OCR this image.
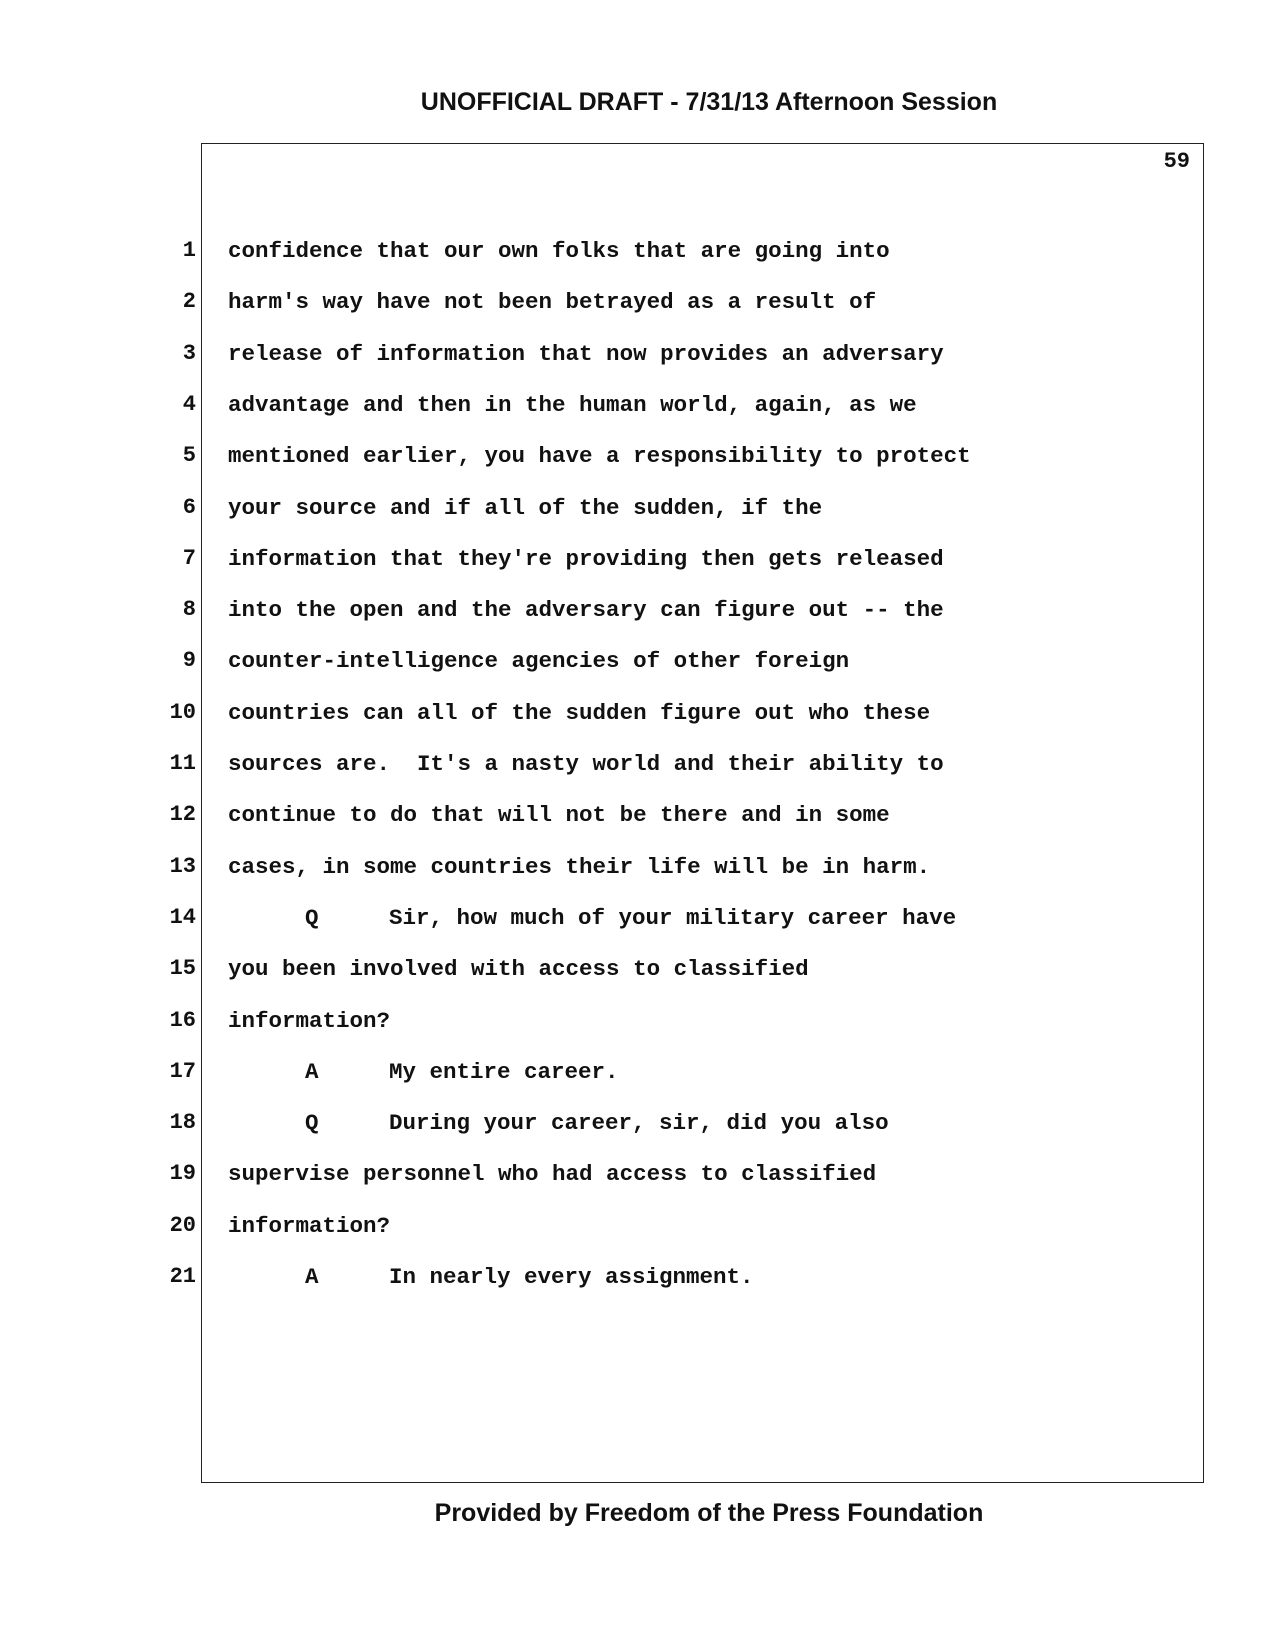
UNOFFICIAL DRAFT - 7/31/13 Afternoon Session
59
1 confidence that our own folks that are going into
2 harm's way have not been betrayed as a result of
3 release of information that now provides an adversary
4 advantage and then in the human world, again, as we
5 mentioned earlier, you have a responsibility to protect
6 your source and if all of the sudden, if the
7 information that they're providing then gets released
8 into the open and the adversary can figure out -- the
9 counter-intelligence agencies of other foreign
10 countries can all of the sudden figure out who these
11 sources are.  It's a nasty world and their ability to
12 continue to do that will not be there and in some
13 cases, in some countries their life will be in harm.
14	Q	Sir, how much of your military career have
15 you been involved with access to classified
16 information?
17	A	My entire career.
18	Q	During your career, sir, did you also
19 supervise personnel who had access to classified
20 information?
21	A	In nearly every assignment.
Provided by Freedom of the Press Foundation
